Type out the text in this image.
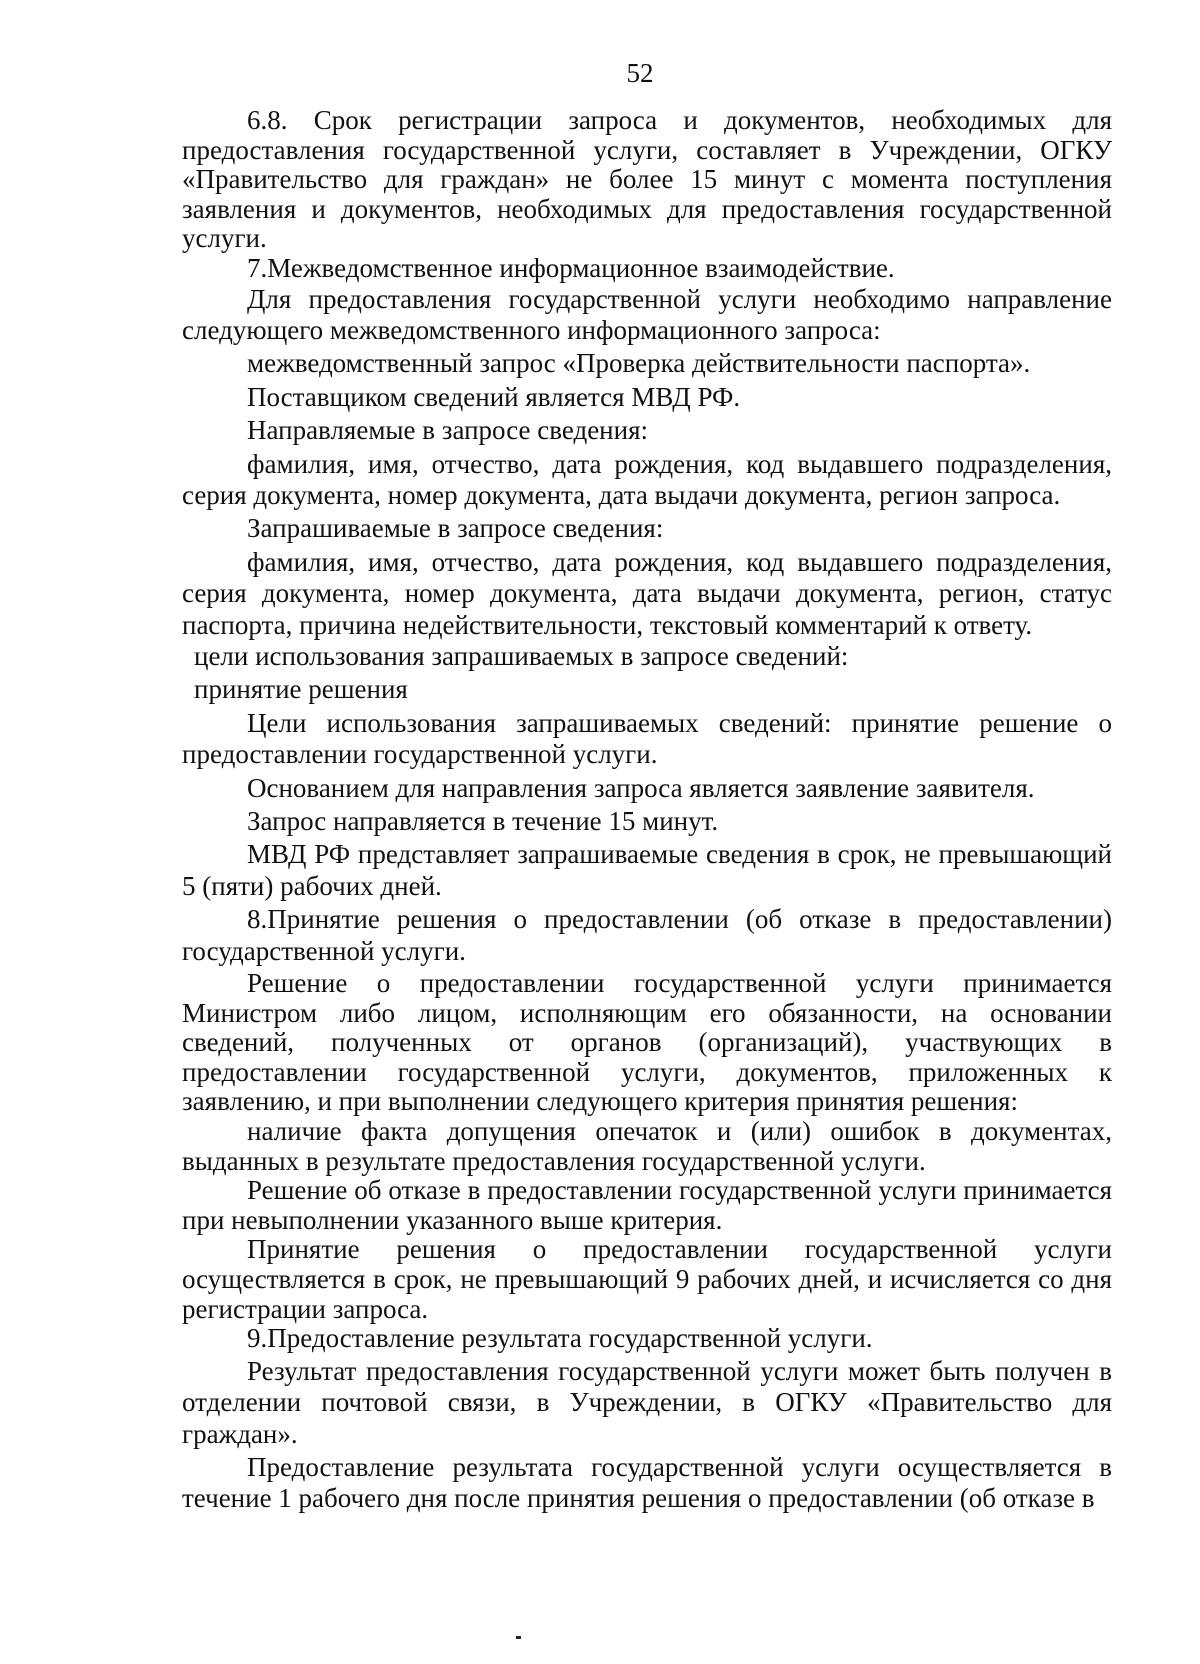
52

6.8. Срок регистрации запроса и документов, необходимых для предоставления государственной услуги, составляет в Учреждении, ОГКУ «Правительство для граждан» не более 15 минут с момента поступления заявления и документов, необходимых для предоставления государственной услуги.

7.Межведомственное информационное взаимодействие.

Для предоставления государственной услуги необходимо направление следующего межведомственного информационного запроса:

межведомственный запрос «Проверка действительности паспорта».

Поставщиком сведений является МВД РФ.

Направляемые в запросе сведения:

фамилия, имя, отчество, дата рождения, код выдавшего подразделения, серия документа, номер документа, дата выдачи документа, регион запроса.

Запрашиваемые в запросе сведения:

фамилия, имя, отчество, дата рождения, код выдавшего подразделения, серия документа, номер документа, дата выдачи документа, регион, статус паспорта, причина недействительности, текстовый комментарий к ответу.

цели использования запрашиваемых в запросе сведений:

принятие решения

Цели использования запрашиваемых сведений: принятие решение о предоставлении государственной услуги.

Основанием для направления запроса является заявление заявителя.

Запрос направляется в течение 15 минут.

МВД РФ представляет запрашиваемые сведения в срок, не превышающий 5 (пяти) рабочих дней.

8.Принятие решения о предоставлении (об отказе в предоставлении) государственной услуги.

Решение о предоставлении государственной услуги принимается Министром либо лицом, исполняющим его обязанности, на основании сведений, полученных от органов (организаций), участвующих в предоставлении государственной услуги, документов, приложенных к заявлению, и при выполнении следующего критерия принятия решения:

наличие факта допущения опечаток и (или) ошибок в документах, выданных в результате предоставления государственной услуги.

Решение об отказе в предоставлении государственной услуги принимается при невыполнении указанного выше критерия.

Принятие решения о предоставлении государственной услуги осуществляется в срок, не превышающий 9 рабочих дней, и исчисляется со дня регистрации запроса.

9.Предоставление результата государственной услуги.

Результат предоставления государственной услуги может быть получен в отделении почтовой связи, в Учреждении, в ОГКУ «Правительство для граждан».

Предоставление результата государственной услуги осуществляется в течение 1 рабочего дня после принятия решения о предоставлении (об отказе в
